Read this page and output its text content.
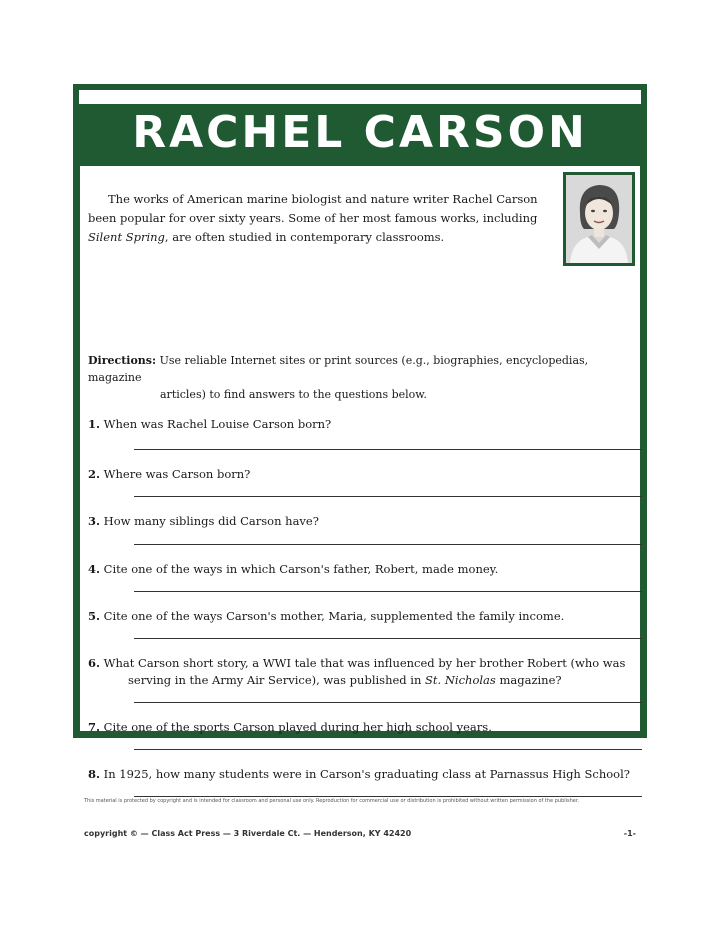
RACHEL CARSON
The works of American marine biologist and nature writer Rachel Carson been popular for over sixty years. Some of her most famous works, including Silent Spring, are often studied in contemporary classrooms.
Directions: Use reliable Internet sites or print sources (e.g., biographies, encyclopedias, magazine
articles) to find answers to the questions below.
1. When was Rachel Louise Carson born?
2. Where was Carson born?
3. How many siblings did Carson have?
4. Cite one of the ways in which Carson's father, Robert, made money.
5. Cite one of the ways Carson's mother, Maria, supplemented the family income.
6. What Carson short story, a WWI tale that was influenced by her brother Robert (who was
serving in the Army Air Service), was published in St. Nicholas magazine?
7. Cite one of the sports Carson played during her high school years.
8. In 1925, how many students were in Carson's graduating class at Parnassus High School?
This material is protected by copyright and is intended for classroom and personal use only. Reproduction for commercial use or distribution is prohibited without written permission of the publisher.
copyright © — Class Act Press — 3 Riverdale Ct. — Henderson, KY 42420	-1-
